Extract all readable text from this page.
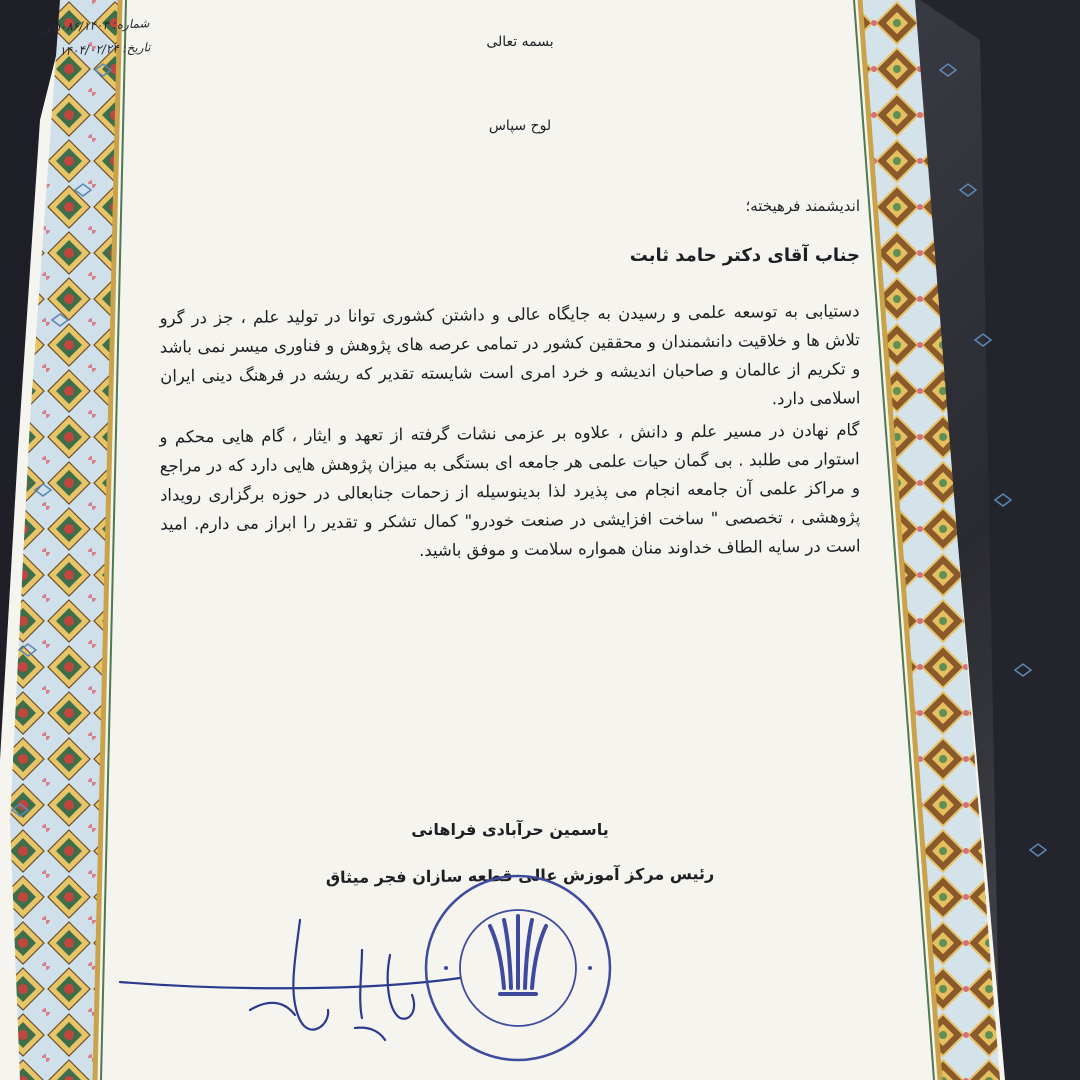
بسمه تعالی
لوح سپاس
اندیشمند فرهیخته؛
جناب آقای دکتر حامد ثابت

دستیابی به توسعه علمی و رسیدن به جایگاه عالی و داشتن کشوری توانا در تولید علم ، جز در گرو تلاش ها و خلاقیت دانشمندان و محققین کشور در تمامی عرصه های پژوهش و فناوری میسر نمی باشد و تکریم از عالمان و صاحبان اندیشه و خرد امری است شایسته تقدیر که ریشه در فرهنگ دینی ایران اسلامی دارد.

گام نهادن در مسیر علم و دانش ، علاوه بر عزمی نشات گرفته از تعهد و ایثار ، گام هایی محکم و استوار می طلبد . بی گمان حیات علمی هر جامعه ای بستگی به میزان پژوهش هایی دارد که در مراجع و مراکز علمی آن جامعه انجام می پذیرد لذا بدینوسیله از زحمات جنابعالی در حوزه برگزاری رویداد پژوهشی ، تخصصی " ساخت افزایشی در صنعت خودرو" کمال تشکر و تقدیر را ابراز می دارم. امید است در سایه الطاف خداوند منان همواره سلامت و موفق باشید.

یاسمین حرآبادی فراهانی
رئیس مرکز آموزش عالی قطعه سازان فجر میثاق
شماره: ۵۰۸۶/۱۴۰۴/ر
تاریخ: ۱۴۰۴/۰۲/۲۴
